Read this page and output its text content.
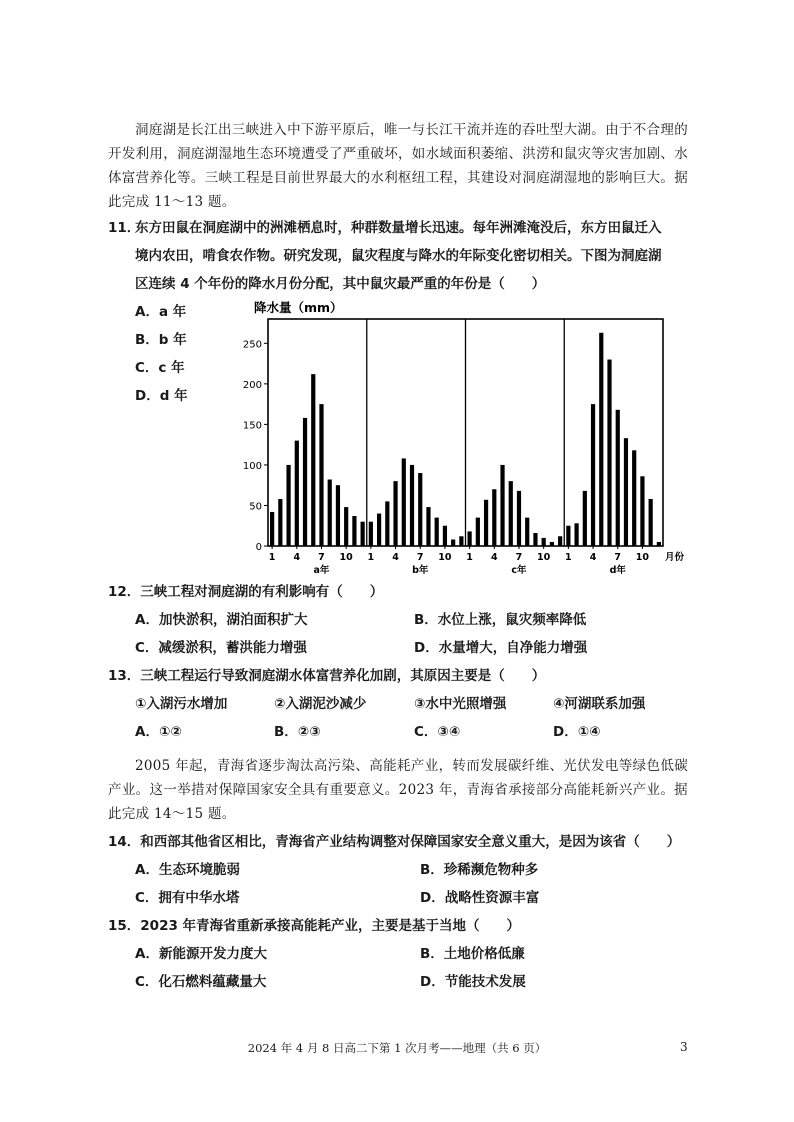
洞庭湖是长江出三峡进入中下游平原后，唯一与长江干流并连的吞吐型大湖。由于不合理的开发利用，洞庭湖湿地生态环境遭受了严重破坏，如水域面积萎缩、洪涝和鼠灾等灾害加剧、水体富营养化等。三峡工程是目前世界最大的水利枢纽工程，其建设对洞庭湖湿地的影响巨大。据此完成 11～13 题。
11．东方田鼠在洞庭湖中的洲滩栖息时，种群数量增长迅速。每年洲滩淹没后，东方田鼠迁入
境内农田，啃食农作物。研究发现，鼠灾程度与降水的年际变化密切相关。下图为洞庭湖
区连续 4 个年份的降水月份分配，其中鼠灾最严重的年份是（　　）
A．a 年
B．b 年
C．c 年
D．d 年
降水量（mm）
0
50
100
150
200
250
1 4 7 10
a年
1 4 7 10
b年
1 4 7 10
c年
1 4 7 10
d年
月份
12．三峡工程对洞庭湖的有利影响有（　　）
A．加快淤积，湖泊面积扩大	B．水位上涨，鼠灾频率降低
C．减缓淤积，蓄洪能力增强	D．水量增大，自净能力增强
13．三峡工程运行导致洞庭湖水体富营养化加剧，其原因主要是（　　）
①入湖污水增加	②入湖泥沙减少	③水中光照增强	④河湖联系加强
A．①②	B．②③	C．③④	D．①④
2005 年起，青海省逐步淘汰高污染、高能耗产业，转而发展碳纤维、光伏发电等绿色低碳产业。这一举措对保障国家安全具有重要意义。2023 年，青海省承接部分高能耗新兴产业。据此完成 14～15 题。
14．和西部其他省区相比，青海省产业结构调整对保障国家安全意义重大，是因为该省（　　）
A．生态环境脆弱	B．珍稀濒危物种多
C．拥有中华水塔	D．战略性资源丰富
15．2023 年青海省重新承接高能耗产业，主要是基于当地（　　）
A．新能源开发力度大	B．土地价格低廉
C．化石燃料蕴藏量大	D．节能技术发展
2024 年 4 月 8 日高二下第 1 次月考——地理（共 6 页）	3
